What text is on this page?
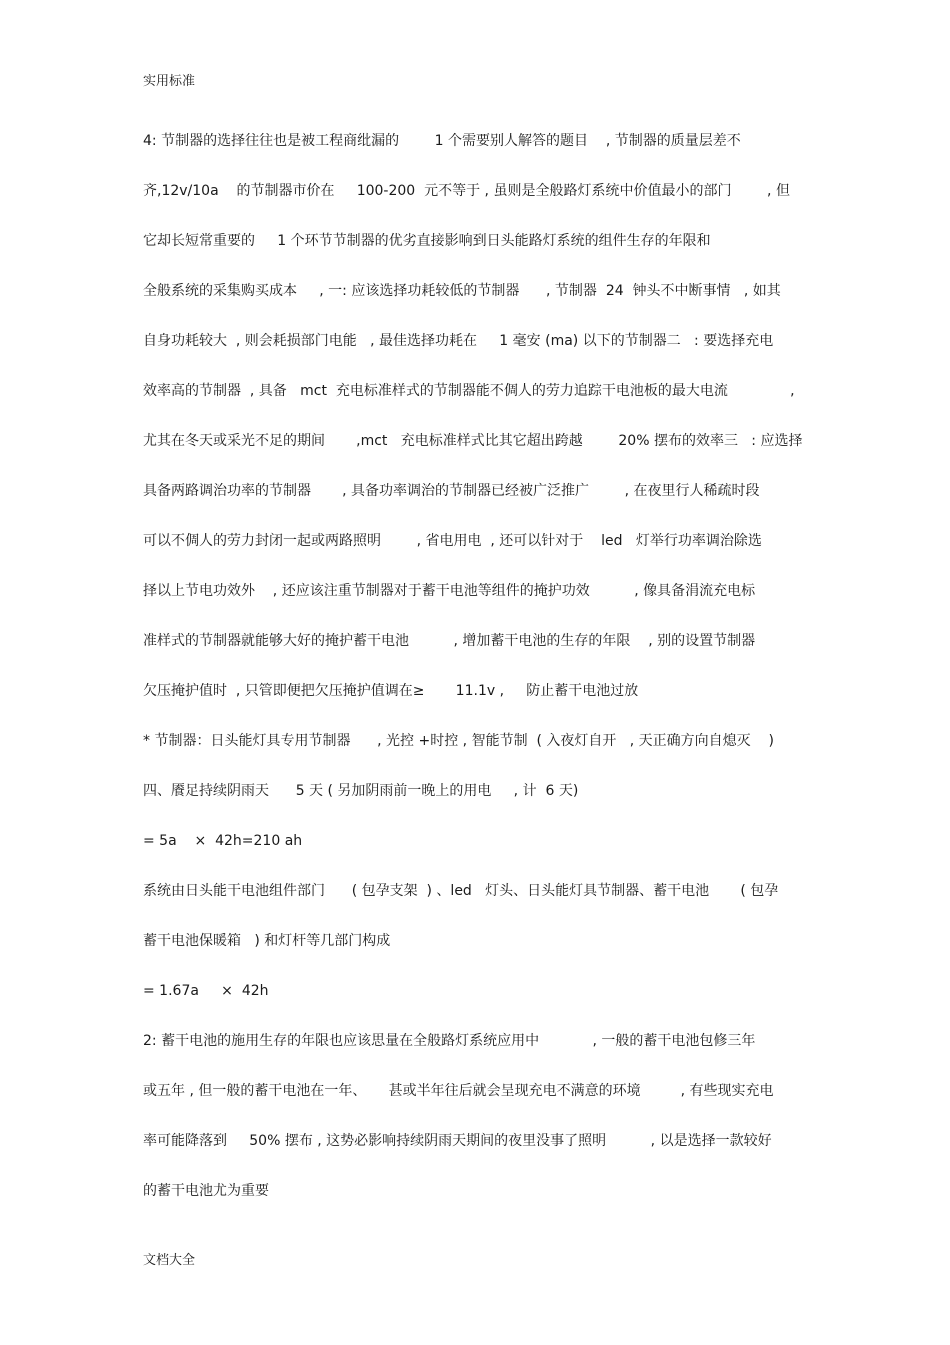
实用标准
4: 节制器的选择往往也是被工程商纰漏的        1 个需要别人解答的题目    , 节制器的质量层差不
齐,12v/10a    的节制器市价在     100-200  元不等于 , 虽则是全般路灯系统中价值最小的部门        , 但
它却长短常重要的     1 个环节节制器的优劣直接影响到日头能路灯系统的组件生存的年限和
全般系统的采集购买成本     , 一: 应该选择功耗较低的节制器      , 节制器  24  钟头不中断事情   , 如其
自身功耗较大  , 则会耗损部门电能   , 最佳选择功耗在     1 毫安 (ma) 以下的节制器二   : 要选择充电
效率高的节制器  , 具备   mct  充电标准样式的节制器能不倜人的劳力追踪干电池板的最大电流              ,
尤其在冬天或采光不足的期间       ,mct   充电标准样式比其它超出跨越        20% 摆布的效率三   : 应选择
具备两路调治功率的节制器       , 具备功率调治的节制器已经被广泛推广        , 在夜里行人稀疏时段
可以不倜人的劳力封闭一起或两路照明        , 省电用电  , 还可以针对于    led   灯举行功率调治除选
择以上节电功效外    , 还应该注重节制器对于蓄干电池等组件的掩护功效          , 像具备涓流充电标
准样式的节制器就能够大好的掩护蓄干电池          , 增加蓄干电池的生存的年限    , 别的设置节制器
欠压掩护值时  , 只管即便把欠压掩护值调在≥       11.1v ,     防止蓄干电池过放
* 节制器：日头能灯具专用节制器      , 光控 +时控 , 智能节制  ( 入夜灯自开   , 天正确方向自熄灭    )
四、餍足持续阴雨天      5 天 ( 另加阴雨前一晚上的用电     , 计  6 天)
= 5a    ×  42h=210 ah
系统由日头能干电池组件部门      ( 包孕支架  ) 、led   灯头、日头能灯具节制器、蓄干电池       ( 包孕
蓄干电池保暖箱   ) 和灯杆等几部门构成
= 1.67a     ×  42h
2: 蓄干电池的施用生存的年限也应该思量在全般路灯系统应用中            , 一般的蓄干电池包修三年
或五年 , 但一般的蓄干电池在一年、     甚或半年往后就会呈现充电不满意的环境         , 有些现实充电
率可能降落到     50% 摆布 , 这势必影响持续阴雨天期间的夜里没事了照明          , 以是选择一款较好
的蓄干电池尤为重要
文档大全
